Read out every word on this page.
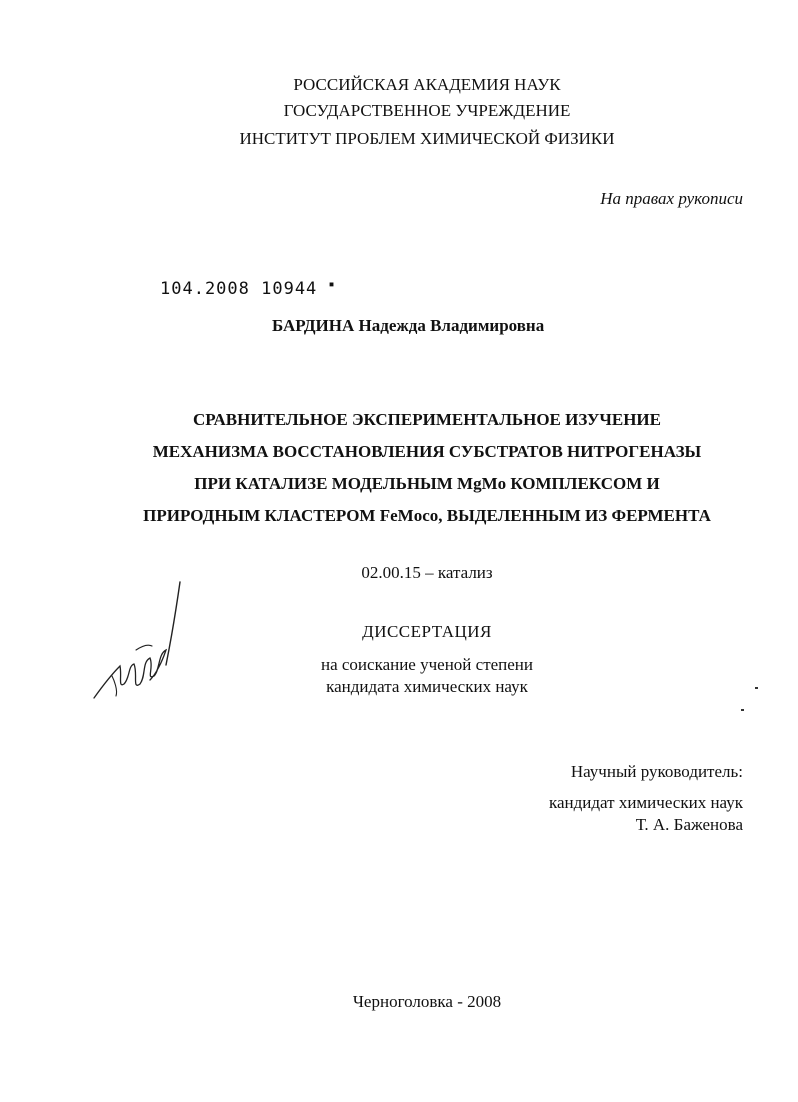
РОССИЙСКАЯ АКАДЕМИЯ НАУК
ГОСУДАРСТВЕННОЕ УЧРЕЖДЕНИЕ
ИНСТИТУТ ПРОБЛЕМ ХИМИЧЕСКОЙ ФИЗИКИ
На правах рукописи
104.2008 10944 ▪
БАРДИНА Надежда Владимировна
СРАВНИТЕЛЬНОЕ ЭКСПЕРИМЕНТАЛЬНОЕ ИЗУЧЕНИЕ
МЕХАНИЗМА ВОССТАНОВЛЕНИЯ СУБСТРАТОВ НИТРОГЕНАЗЫ
ПРИ КАТАЛИЗЕ МОДЕЛЬНЫМ MgMo КОМПЛЕКСОМ И
ПРИРОДНЫМ КЛАСТЕРОМ FeMoco, ВЫДЕЛЕННЫМ ИЗ ФЕРМЕНТА
02.00.15 – катализ
ДИССЕРТАЦИЯ
на соискание ученой степени
кандидата химических наук
Научный руководитель:
кандидат химических наук
Т. А. Баженова
Черноголовка - 2008
